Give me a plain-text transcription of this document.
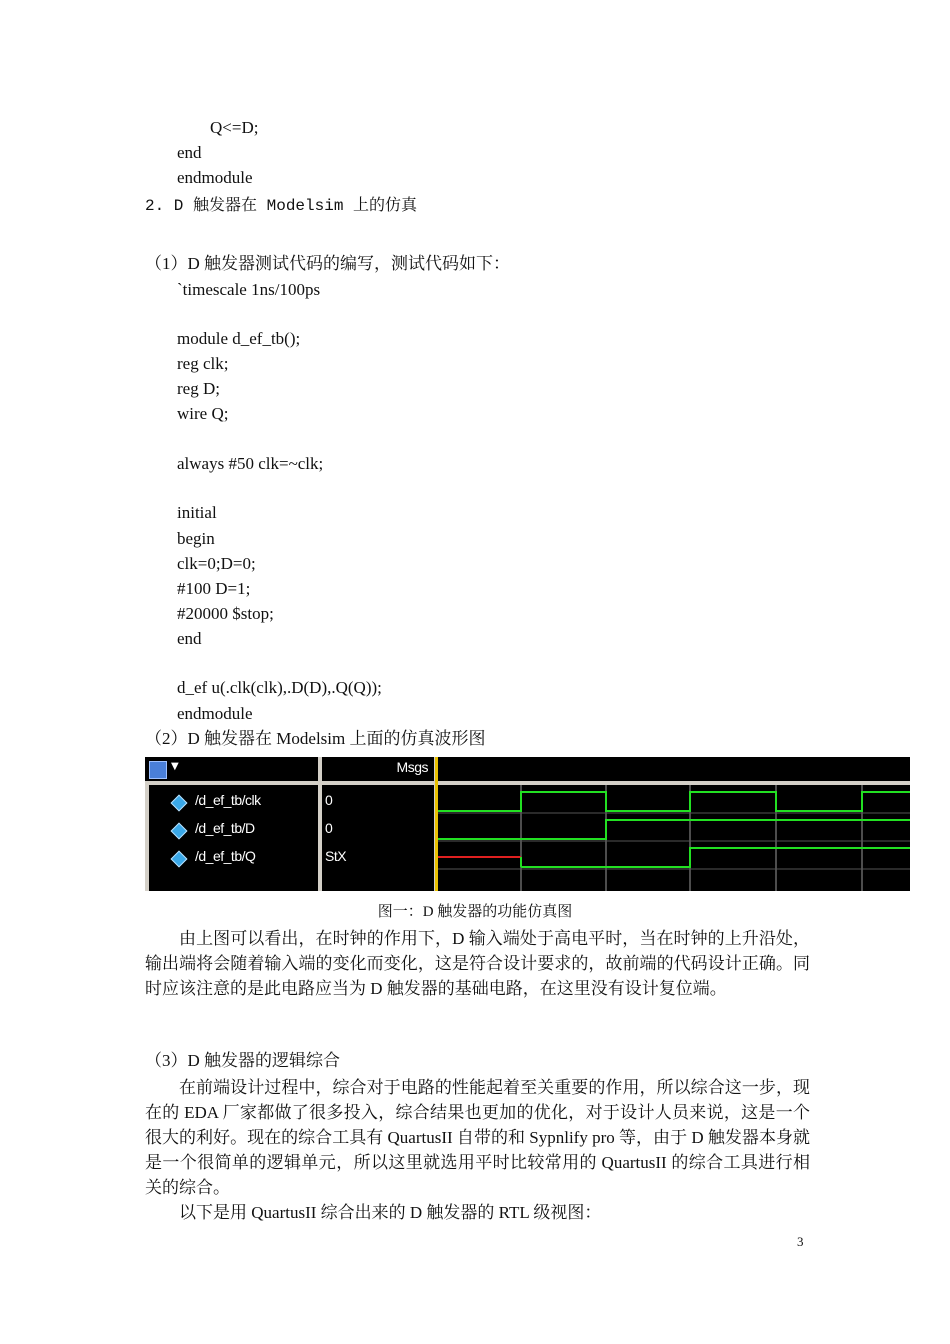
Q<=D;
end
endmodule
2. D 触发器在 Modelsim 上的仿真
（1）D 触发器测试代码的编写，测试代码如下：
`timescale 1ns/100ps
module d_ef_tb();
reg clk;
reg D;
wire Q;
always #50 clk=~clk;
initial
begin
clk=0;D=0;
#100 D=1;
#20000 $stop;
end
d_ef u(.clk(clk),.D(D),.Q(Q));
endmodule
（2）D 触发器在 Modelsim 上面的仿真波形图
▼	Msgs
/d_ef_tb/clk
/d_ef_tb/D
/d_ef_tb/Q
0
0
StX
图一：D 触发器的功能仿真图

由上图可以看出，在时钟的作用下，D 输入端处于高电平时，当在时钟的上升沿处，输出端将会随着输入端的变化而变化，这是符合设计要求的，故前端的代码设计正确。同时应该注意的是此电路应当为 D 触发器的基础电路，在这里没有设计复位端。

（3）D 触发器的逻辑综合

在前端设计过程中，综合对于电路的性能起着至关重要的作用，所以综合这一步，现在的 EDA 厂家都做了很多投入，综合结果也更加的优化，对于设计人员来说，这是一个很大的利好。现在的综合工具有 QuartusII 自带的和 Sypnlify pro 等，由于 D 触发器本身就是一个很简单的逻辑单元，所以这里就选用平时比较常用的 QuartusII 的综合工具进行相关的综合。

以下是用 QuartusII 综合出来的 D 触发器的 RTL 级视图：

3
